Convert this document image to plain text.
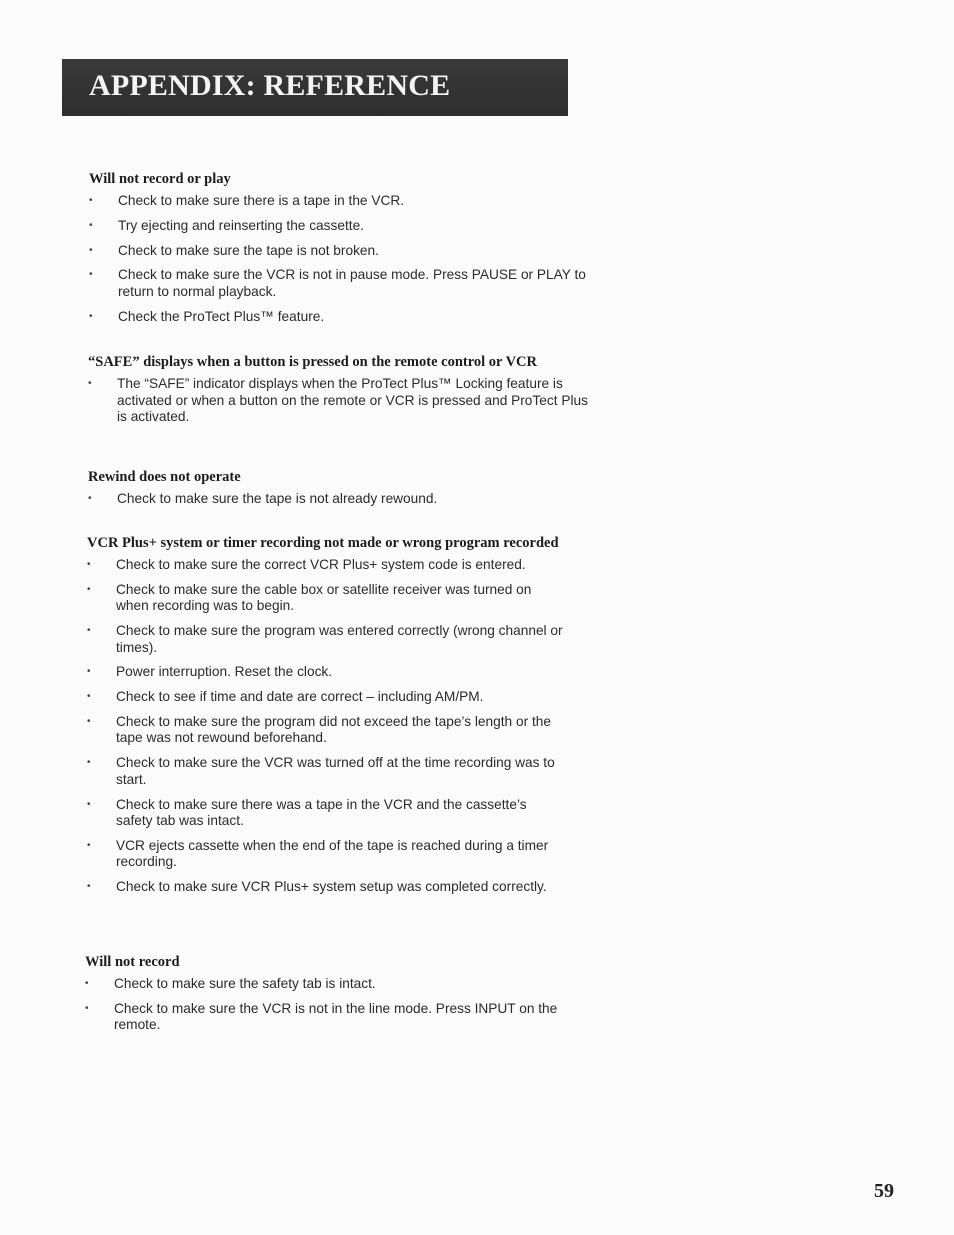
APPENDIX: REFERENCE
Will not record or play
• Check to make sure there is a tape in the VCR.
• Try ejecting and reinserting the cassette.
• Check to make sure the tape is not broken.
• Check to make sure the VCR is not in pause mode. Press PAUSE or PLAY to return to normal playback.
• Check the ProTect Plus™ feature.
“SAFE” displays when a button is pressed on the remote control or VCR
• The “SAFE” indicator displays when the ProTect Plus™ Locking feature is activated or when a button on the remote or VCR is pressed and ProTect Plus is activated.
Rewind does not operate
• Check to make sure the tape is not already rewound.
VCR Plus+ system or timer recording not made or wrong program recorded
• Check to make sure the correct VCR Plus+ system code is entered.
• Check to make sure the cable box or satellite receiver was turned on when recording was to begin.
• Check to make sure the program was entered correctly (wrong channel or times).
• Power interruption. Reset the clock.
• Check to see if time and date are correct – including AM/PM.
• Check to make sure the program did not exceed the tape’s length or the tape was not rewound beforehand.
• Check to make sure the VCR was turned off at the time recording was to start.
• Check to make sure there was a tape in the VCR and the cassette’s safety tab was intact.
• VCR ejects cassette when the end of the tape is reached during a timer recording.
• Check to make sure VCR Plus+ system setup was completed correctly.
Will not record
• Check to make sure the safety tab is intact.
• Check to make sure the VCR is not in the line mode. Press INPUT on the remote.
59
